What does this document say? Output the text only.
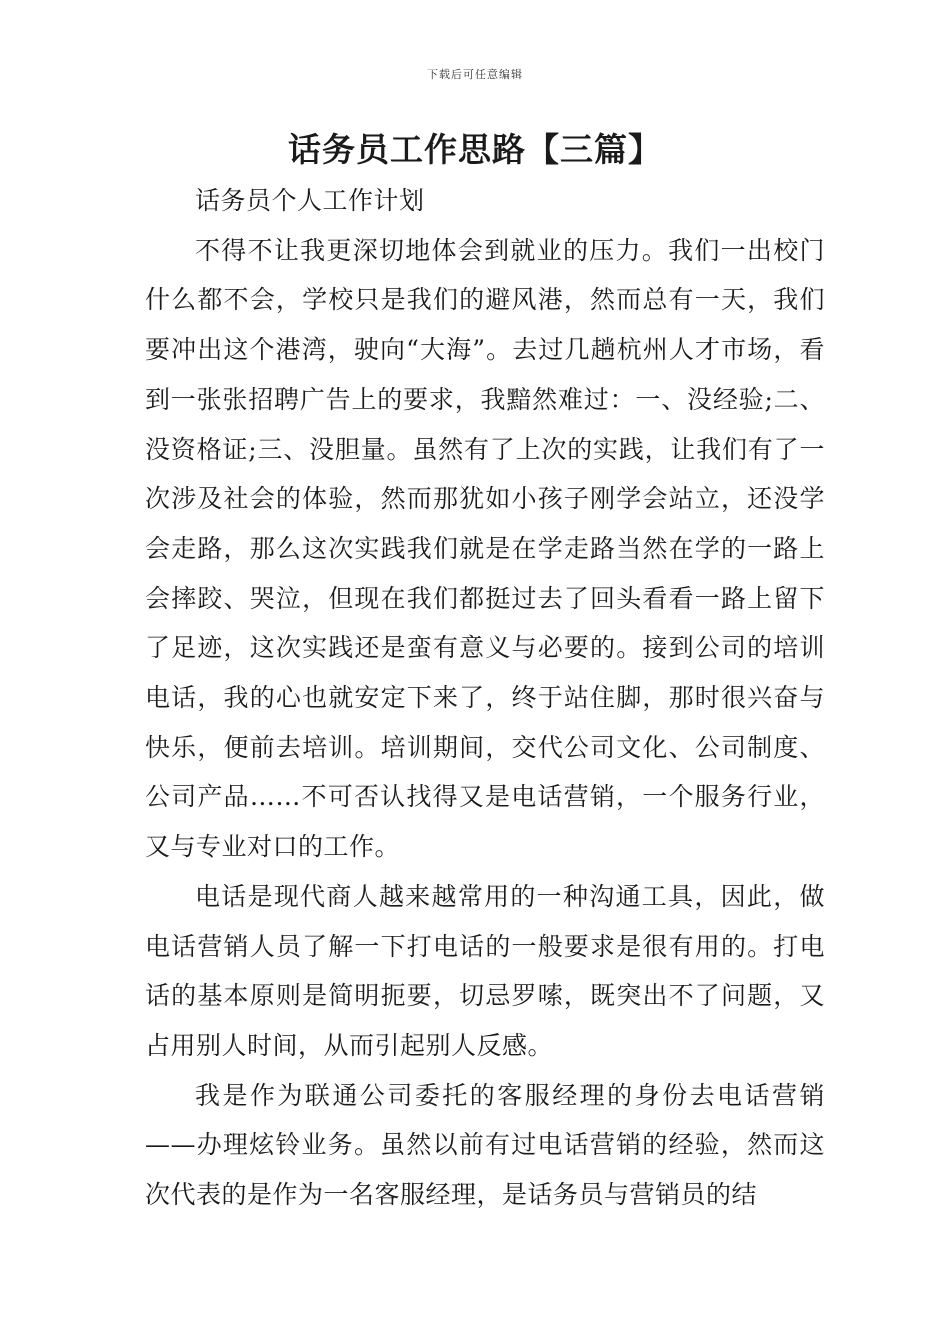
下载后可任意编辑
话务员工作思路【三篇】
话务员个人工作计划

不得不让我更深切地体会到就业的压力。我们一出校门什么都不会，学校只是我们的避风港，然而总有一天，我们要冲出这个港湾，驶向“大海”。去过几趟杭州人才市场，看到一张张招聘广告上的要求，我黯然难过：一、没经验;二、没资格证;三、没胆量。虽然有了上次的实践，让我们有了一次涉及社会的体验，然而那犹如小孩子刚学会站立，还没学会走路，那么这次实践我们就是在学走路当然在学的一路上会摔跤、哭泣，但现在我们都挺过去了回头看看一路上留下了足迹，这次实践还是蛮有意义与必要的。接到公司的培训电话，我的心也就安定下来了，终于站住脚，那时很兴奋与快乐，便前去培训。培训期间，交代公司文化、公司制度、公司产品……不可否认找得又是电话营销，一个服务行业，又与专业对口的工作。

电话是现代商人越来越常用的一种沟通工具，因此，做电话营销人员了解一下打电话的一般要求是很有用的。打电话的基本原则是简明扼要，切忌罗嗦，既突出不了问题，又占用别人时间，从而引起别人反感。

我是作为联通公司委托的客服经理的身份去电话营销——办理炫铃业务。虽然以前有过电话营销的经验，然而这次代表的是作为一名客服经理，是话务员与营销员的结
